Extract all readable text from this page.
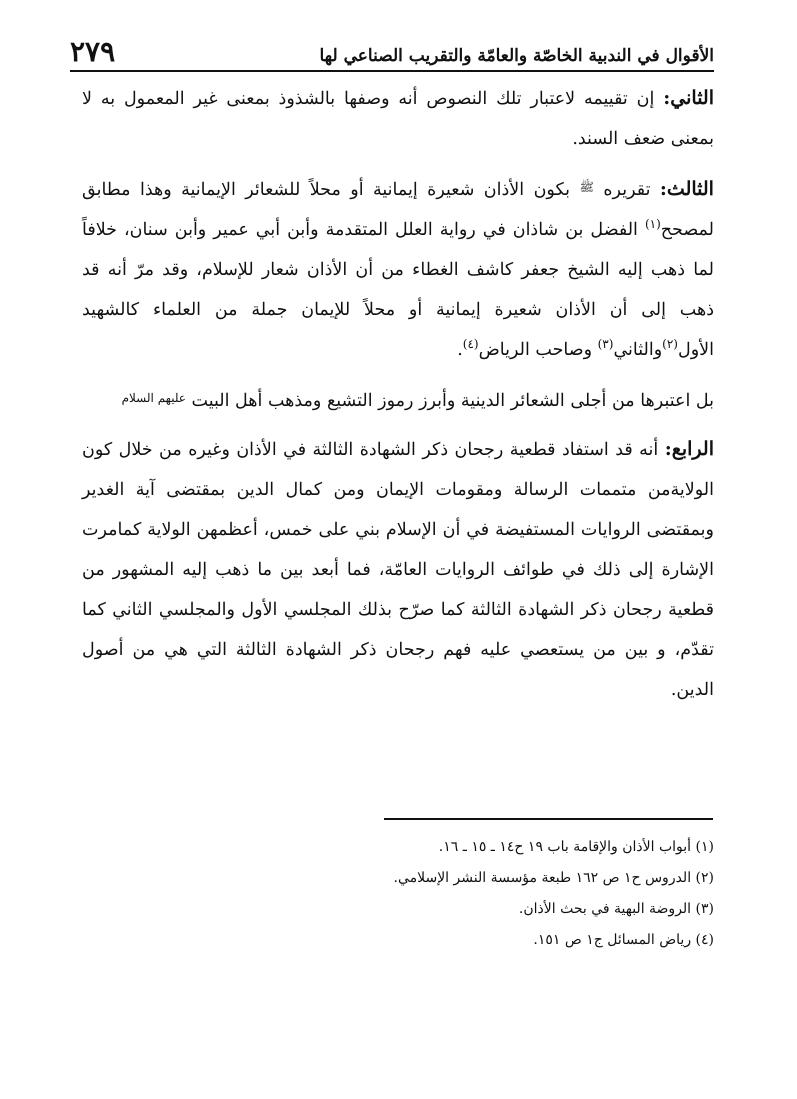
الأقوال في الندبية الخاصّة والعامّة والتقريب الصناعي لها
٢٧٩

الثاني: إن تقييمه لاعتبار تلك النصوص أنه وصفها بالشذوذ بمعنى غير المعمول به لا بمعنى ضعف السند.

الثالث: تقريره $^ﷺ$ بكون الأذان شعيرة إيمانية أو محلاً للشعائر الإيمانية وهذا مطابق لمصحح$^{(١)}$ الفضل بن شاذان في رواية العلل المتقدمة وأبن أبي عمير وأبن سنان، خلافاً لما ذهب إليه الشيخ جعفر كاشف الغطاء من أن الأذان شعار للإسلام، وقد مرّ أنه قد ذهب إلى أن الأذان شعيرة إيمانية أو محلاً للإيمان جملة من العلماء كالشهيد الأول$^{(٢)}$والثاني$^{(٣)}$ وصاحب الرياض$^{(٤)}$.

بل اعتبرها من أجلى الشعائر الدينية وأبرز رموز التشيع ومذهب أهل البيت $^{عليهم السلام}$

الرابع: أنه قد استفاد قطعية رجحان ذكر الشهادة الثالثة في الأذان وغيره من خلال كون الولايةمن متممات الرسالة ومقومات الإيمان ومن كمال الدين بمقتضى آية الغدير وبمقتضى الروايات المستفيضة في أن الإسلام بني على خمس، أعظمهن الولاية كمامرت الإشارة إلى ذلك في طوائف الروايات العامّة، فما أبعد بين ما ذهب إليه المشهور من قطعية رجحان ذكر الشهادة الثالثة كما صرّح بذلك المجلسي الأول والمجلسي الثاني كما تقدّم، و بين من يستعصي عليه فهم رجحان ذكر الشهادة الثالثة التي هي من أصول الدين.

(١) أبواب الأذان والإقامة باب ١٩ ح١٤ ـ ١٥ ـ ١٦.
(٢) الدروس ح١ ص ١٦٢ طبعة مؤسسة النشر الإسلامي.
(٣) الروضة البهية في بحث الأذان.
(٤) رياض المسائل ج١ ص ١٥١.
